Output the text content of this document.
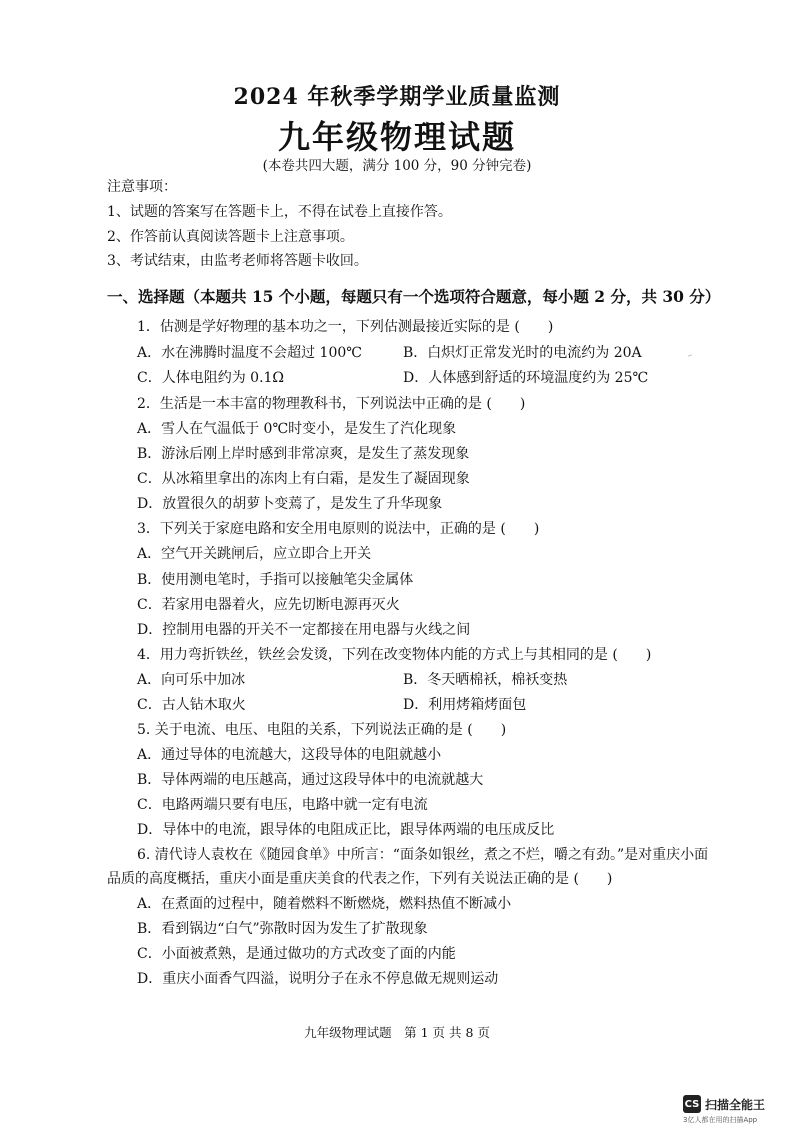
2024 年秋季学期学业质量监测
九年级物理试题
(本卷共四大题，满分 100 分，90 分钟完卷)
注意事项：
1、试题的答案写在答题卡上，不得在试卷上直接作答。
2、作答前认真阅读答题卡上注意事项。
3、考试结束，由监考老师将答题卡收回。
一、选择题（本题共 15 个小题，每题只有一个选项符合题意，每小题 2 分，共 30 分）
1．估测是学好物理的基本功之一，下列估测最接近实际的是 (　　)
A．水在沸腾时温度不会超过 100℃	B．白炽灯正常发光时的电流约为 20A
C．人体电阻约为 0.1Ω	D．人体感到舒适的环境温度约为 25℃
2．生活是一本丰富的物理教科书，下列说法中正确的是 (　　)
A．雪人在气温低于 0℃时变小，是发生了汽化现象
B．游泳后刚上岸时感到非常凉爽，是发生了蒸发现象
C．从冰箱里拿出的冻肉上有白霜，是发生了凝固现象
D．放置很久的胡萝卜变蔫了，是发生了升华现象
3．下列关于家庭电路和安全用电原则的说法中，正确的是 (　　)
A．空气开关跳闸后，应立即合上开关
B．使用测电笔时，手指可以接触笔尖金属体
C．若家用电器着火，应先切断电源再灭火
D．控制用电器的开关不一定都接在用电器与火线之间
4．用力弯折铁丝，铁丝会发烫，下列在改变物体内能的方式上与其相同的是 (　　)
A．向可乐中加冰	B．冬天晒棉袄，棉袄变热
C．古人钻木取火	D．利用烤箱烤面包
5. 关于电流、电压、电阻的关系，下列说法正确的是 (　　)
A．通过导体的电流越大，这段导体的电阻就越小
B．导体两端的电压越高，通过这段导体中的电流就越大
C．电路两端只要有电压，电路中就一定有电流
D．导体中的电流，跟导体的电阻成正比，跟导体两端的电压成反比
6. 清代诗人袁枚在《随园食单》中所言：“面条如银丝，煮之不烂，嚼之有劲。”是对重庆小面
品质的高度概括，重庆小面是重庆美食的代表之作，下列有关说法正确的是 (　　)
A．在煮面的过程中，随着燃料不断燃烧，燃料热值不断减小
B．看到锅边“白气”弥散时因为发生了扩散现象
C．小面被煮熟，是通过做功的方式改变了面的内能
D．重庆小面香气四溢，说明分子在永不停息做无规则运动
九年级物理试题　第 1 页 共 8 页
CS 扫描全能王
3亿人都在用的扫描App
